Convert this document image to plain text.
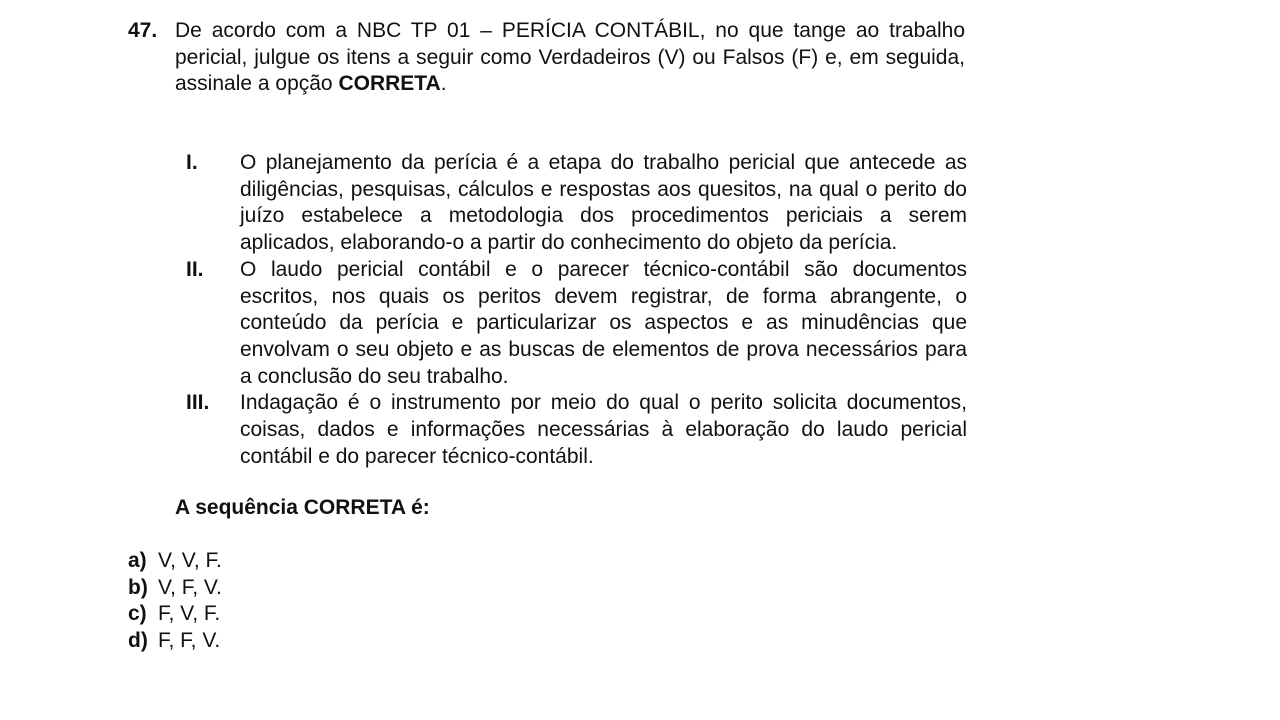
47. De acordo com a NBC TP 01 – PERÍCIA CONTÁBIL, no que tange ao trabalho pericial, julgue os itens a seguir como Verdadeiros (V) ou Falsos (F) e, em seguida, assinale a opção CORRETA.
I. O planejamento da perícia é a etapa do trabalho pericial que antecede as diligências, pesquisas, cálculos e respostas aos quesitos, na qual o perito do juízo estabelece a metodologia dos procedimentos periciais a serem aplicados, elaborando-o a partir do conhecimento do objeto da perícia.
II. O laudo pericial contábil e o parecer técnico-contábil são documentos escritos, nos quais os peritos devem registrar, de forma abrangente, o conteúdo da perícia e particularizar os aspectos e as minudências que envolvam o seu objeto e as buscas de elementos de prova necessários para a conclusão do seu trabalho.
III. Indagação é o instrumento por meio do qual o perito solicita documentos, coisas, dados e informações necessárias à elaboração do laudo pericial contábil e do parecer técnico-contábil.
A sequência CORRETA é:
a) V, V, F.
b) V, F, V.
c) F, V, F.
d) F, F, V.
